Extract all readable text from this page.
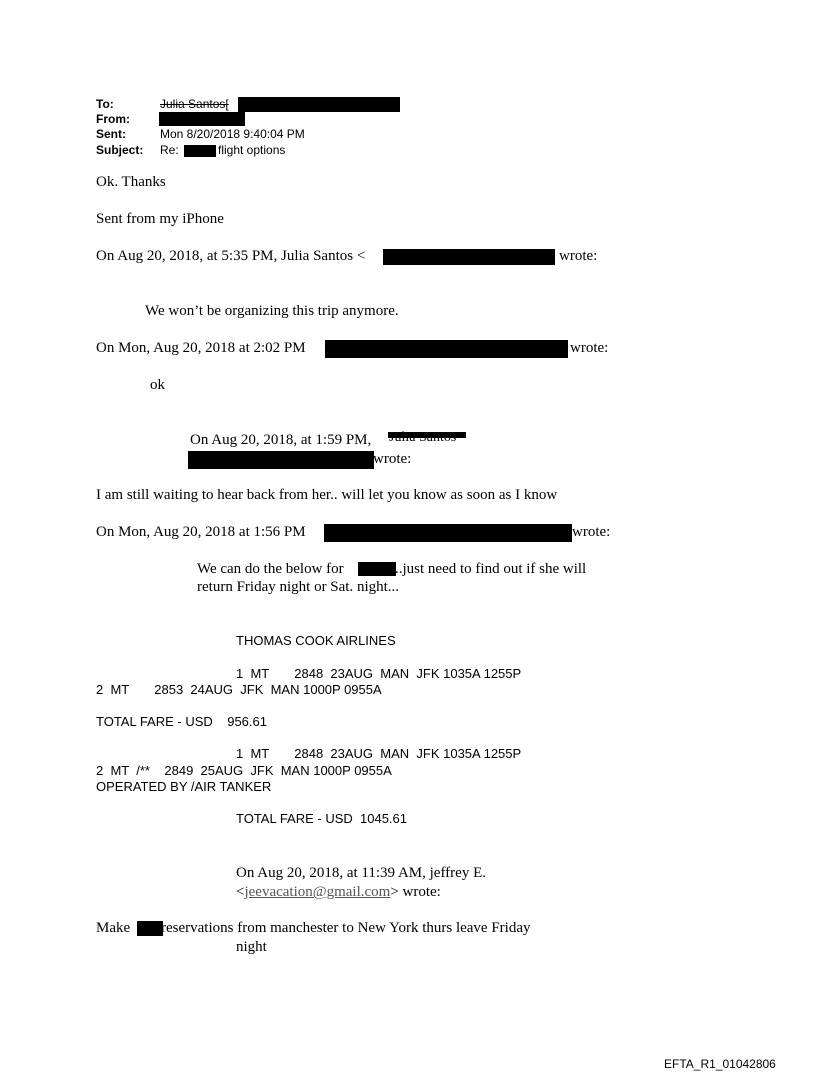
To:	Julia Santos[
From:
Sent:	Mon 8/20/2018 9:40:04 PM
Subject: Re:	flight options
Ok. Thanks
Sent from my iPhone
On Aug 20, 2018, at 5:35 PM, Julia Santos <	wrote:
We won’t be organizing this trip anymore.
On Mon, Aug 20, 2018 at 2:02 PM	wrote:
ok
On Aug 20, 2018, at 1:59 PM,
wrote:
I am still waiting to hear back from her.. will let you know as soon as I know
On Mon, Aug 20, 2018 at 1:56 PM	wrote:
We can do the below for	..just need to find out if she will
return Friday night or Sat. night...
THOMAS COOK AIRLINES
1  MT       2848  23AUG  MAN  JFK 1035A 1255P
2  MT       2853  24AUG  JFK  MAN 1000P 0955A
TOTAL FARE - USD    956.61
1  MT       2848  23AUG  MAN  JFK 1035A 1255P
2  MT  /**    2849  25AUG  JFK  MAN 1000P 0955A
OPERATED BY /AIR TANKER
TOTAL FARE - USD  1045.61
On Aug 20, 2018, at 11:39 AM, jeffrey E.
<jeevacation@gmail.com> wrote:
Make reservations from manchester to New York thurs leave Friday
night
EFTA_R1_01042806
